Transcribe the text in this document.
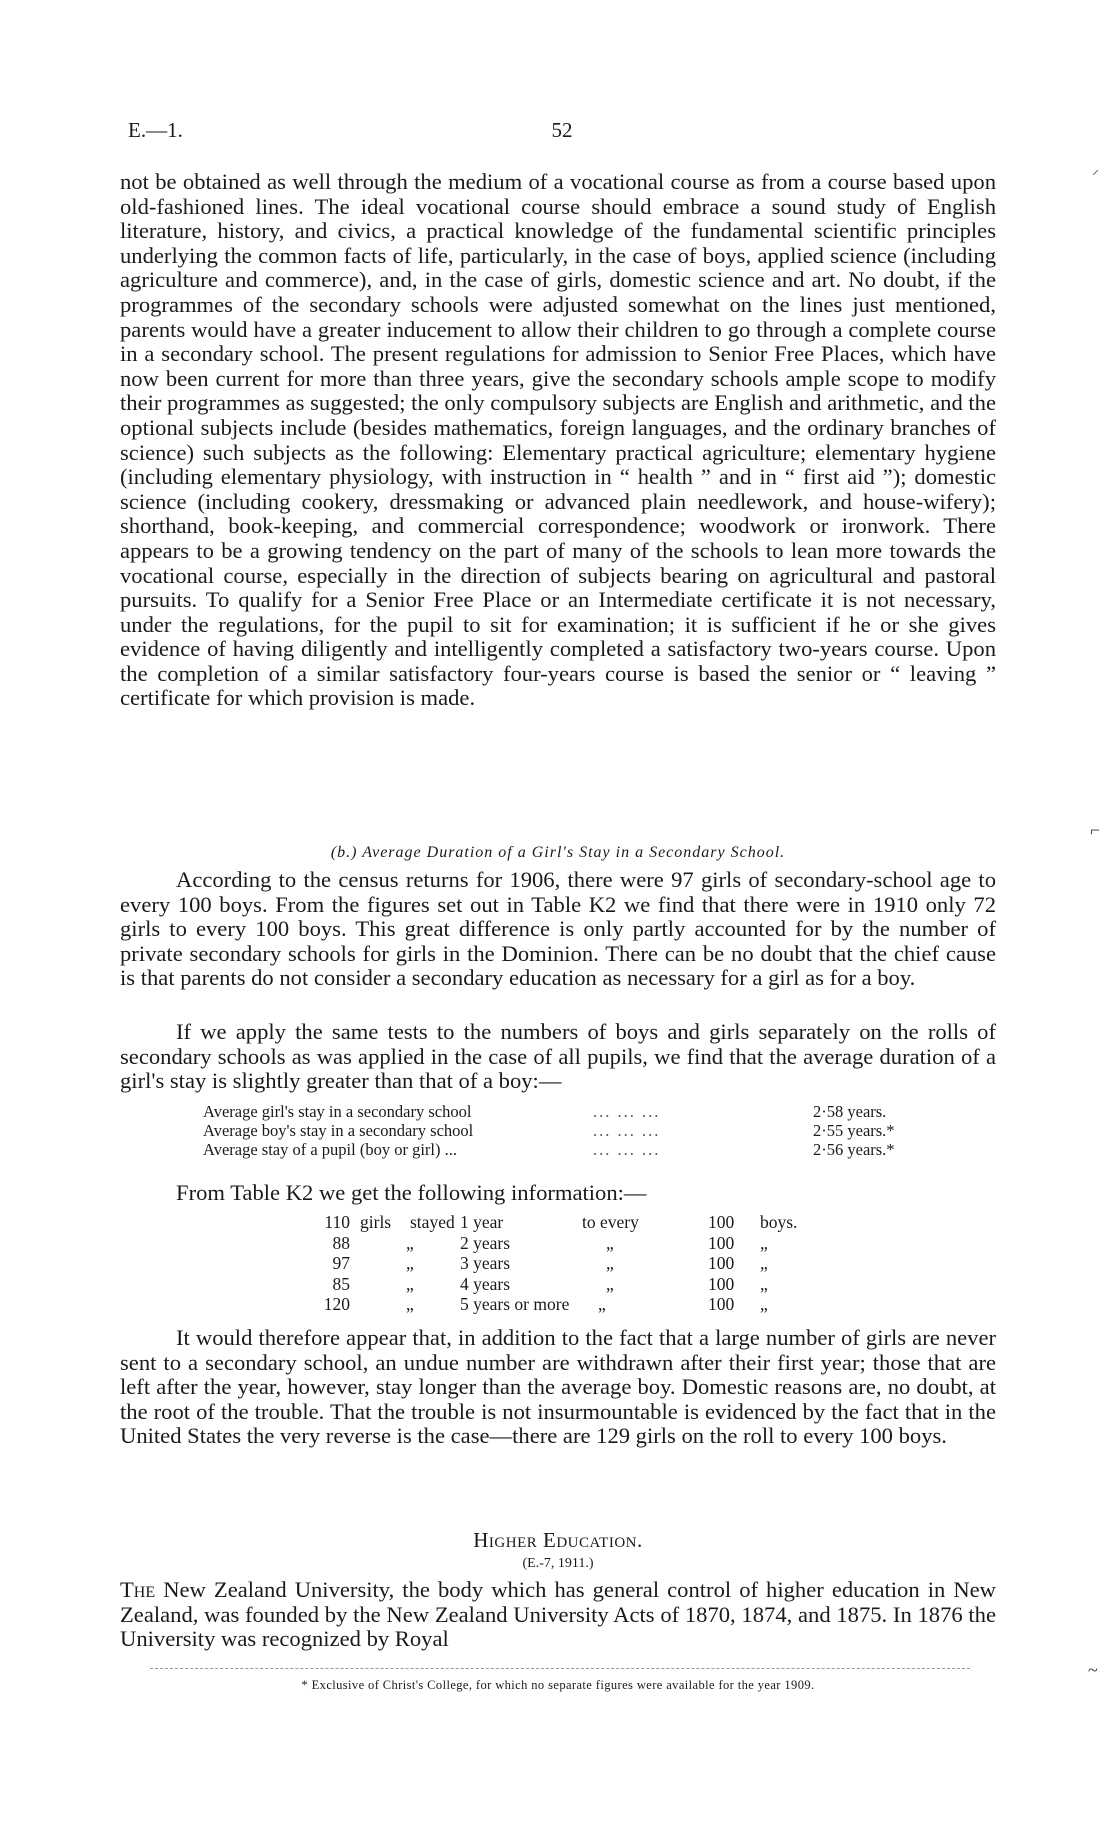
E.—1.	52
not be obtained as well through the medium of a vocational course as from a course based upon old-fashioned lines. The ideal vocational course should embrace a sound study of English literature, history, and civics, a practical knowledge of the fundamental scientific principles underlying the common facts of life, particularly, in the case of boys, applied science (including agriculture and commerce), and, in the case of girls, domestic science and art. No doubt, if the programmes of the secondary schools were adjusted somewhat on the lines just mentioned, parents would have a greater inducement to allow their children to go through a complete course in a secondary school. The present regulations for admission to Senior Free Places, which have now been current for more than three years, give the secondary schools ample scope to modify their programmes as suggested; the only compulsory subjects are English and arithmetic, and the optional subjects include (besides mathematics, foreign languages, and the ordinary branches of science) such subjects as the following: Elementary practical agriculture; elementary hygiene (including elementary physiology, with instruction in “ health ” and in “ first aid ”); domestic science (including cookery, dressmaking or advanced plain needlework, and house-wifery); shorthand, book-keeping, and commercial correspondence; woodwork or ironwork. There appears to be a growing tendency on the part of many of the schools to lean more towards the vocational course, especially in the direction of subjects bearing on agricultural and pastoral pursuits. To qualify for a Senior Free Place or an Intermediate certificate it is not necessary, under the regulations, for the pupil to sit for examination; it is sufficient if he or she gives evidence of having diligently and intelligently completed a satisfactory two-years course. Upon the completion of a similar satisfactory four-years course is based the senior or “ leaving ” certificate for which provision is made.
(b.) Average Duration of a Girl's Stay in a Secondary School.

According to the census returns for 1906, there were 97 girls of secondary-school age to every 100 boys. From the figures set out in Table K2 we find that there were in 1910 only 72 girls to every 100 boys. This great difference is only partly accounted for by the number of private secondary schools for girls in the Dominion. There can be no doubt that the chief cause is that parents do not consider a secondary education as necessary for a girl as for a boy.

If we apply the same tests to the numbers of boys and girls separately on the rolls of secondary schools as was applied in the case of all pupils, we find that the average duration of a girl's stay is slightly greater than that of a boy:—

Average girl's stay in a secondary school	... ... ...	2·58 years.
Average boy's stay in a secondary school	... ... ...	2·55 years.*
Average stay of a pupil (boy or girl) ...	... ... ...	2·56 years.*
From Table K2 we get the following information:—
110 girls stayed 1 year	to every	100 boys.
88	„	2 years	„	100 „
97	„	3 years	„	100 „
85	„	4 years	„	100 „
120	„	5 years or more „	100 „

It would therefore appear that, in addition to the fact that a large number of girls are never sent to a secondary school, an undue number are withdrawn after their first year; those that are left after the year, however, stay longer than the average boy. Domestic reasons are, no doubt, at the root of the trouble. That the trouble is not insurmountable is evidenced by the fact that in the United States the very reverse is the case—there are 129 girls on the roll to every 100 boys.

Higher Education.
(E.-7, 1911.)
The New Zealand University, the body which has general control of higher education in New Zealand, was founded by the New Zealand University Acts of 1870, 1874, and 1875. In 1876 the University was recognized by Royal
* Exclusive of Christ's College, for which no separate figures were available for the year 1909.
⸝
⌐
~
